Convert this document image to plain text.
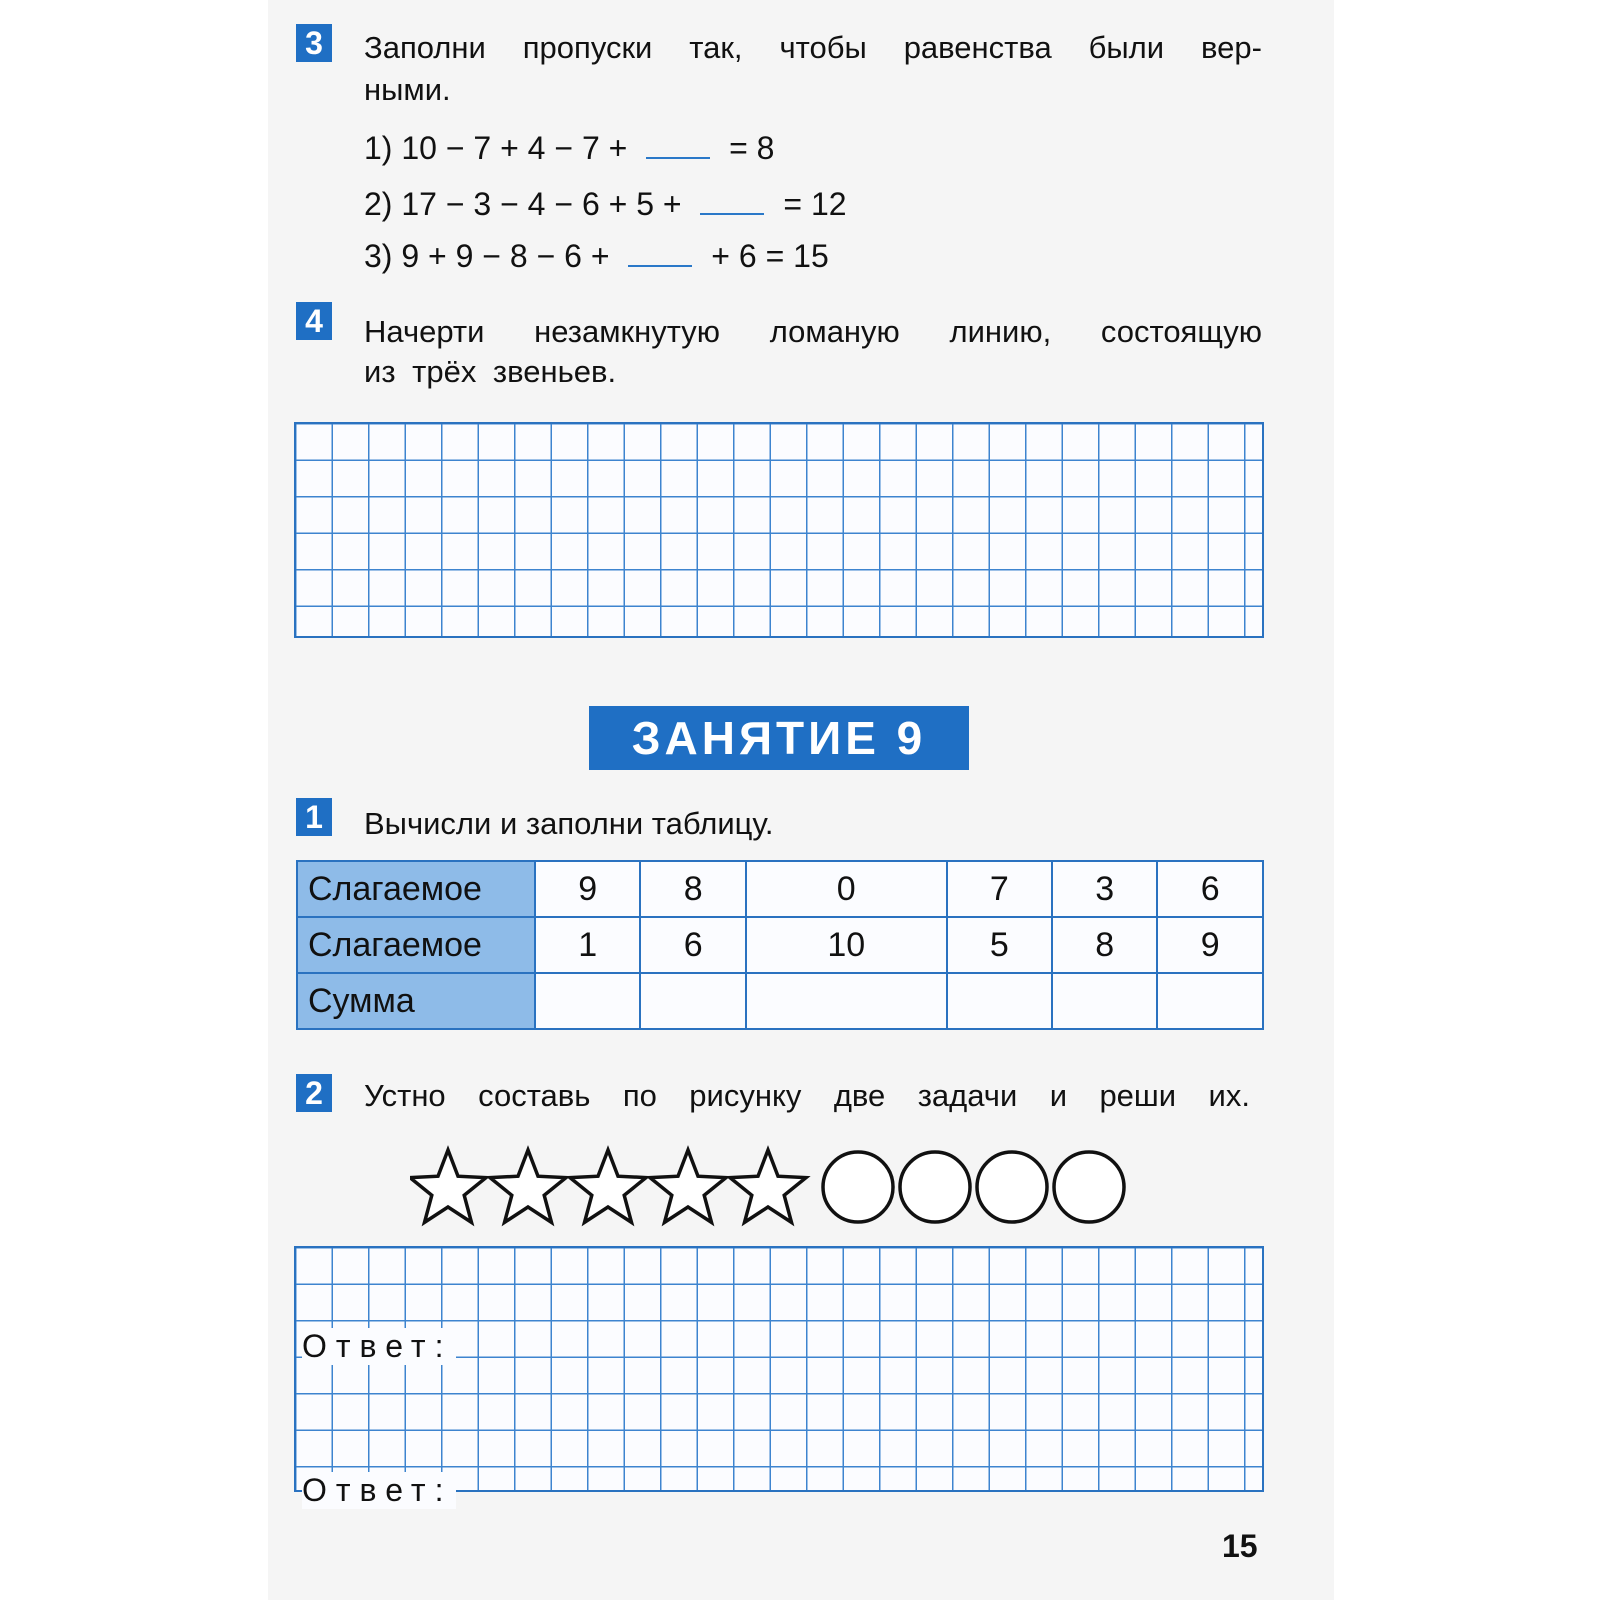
3 Заполни пропуски так, чтобы равенства были вер-
ными.
1) 10 − 7 + 4 − 7 +	= 8
2) 17 − 3 − 4 − 6 + 5 +	= 12
3) 9 + 9 − 8 − 6 +	+ 6 = 15
4 Начерти незамкнутую ломаную линию, состоящую
из трёх звеньев.
ЗАНЯТИЕ 9
1 Вычисли и заполни таблицу.
Слагаемое	9	8	0	7	3	6
Слагаемое	1	6	10	5	8	9
Сумма						
2 Устно составь по рисунку две задачи и реши их.
Ответ:
Ответ:
15
